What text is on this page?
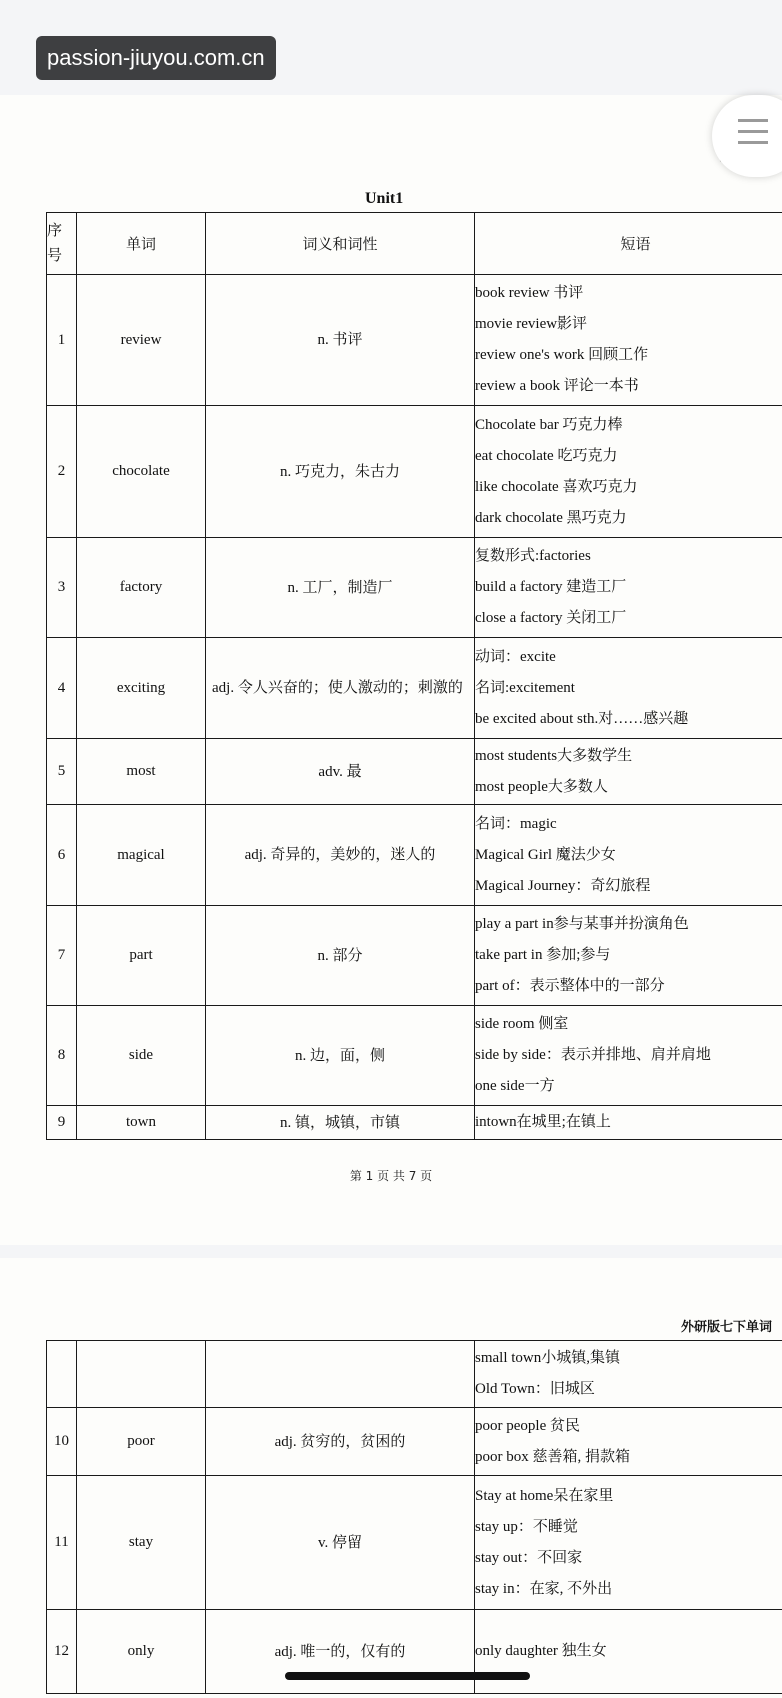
passion-jiuyou.com.cn
Unit1
第 1 页 共 7 页
序号	单词	词义和词性	短语
1	review	n. 书评	book review 书评
movie review影评
review one's work 回顾工作
review a book 评论一本书

2	chocolate	n. 巧克力，朱古力	Chocolate bar 巧克力棒
eat chocolate 吃巧克力
like chocolate 喜欢巧克力
dark chocolate 黑巧克力

3	factory	n. 工厂，制造厂	复数形式:factories
build a factory 建造工厂
close a factory 关闭工厂

4	exciting	adj. 令人兴奋的；使人激动的；刺激的	动词：excite
名词:excitement
be excited about sth.对……感兴趣

5	most	adv. 最	most students大多数学生
most people大多数人

6	magical	adj. 奇异的，美妙的，迷人的	名词：magic
Magical Girl 魔法少女
Magical Journey：奇幻旅程

7	part	n. 部分	play a part in参与某事并扮演角色
take part in 参加;参与
part of：表示整体中的一部分

8	side	n. 边，面，侧	side room 侧室
side by side：表示并排地、肩并肩地
one side一方

9	town	n. 镇，城镇，市镇	intown在城里;在镇上
外研版七下单词

			small town小城镇,集镇
Old Town：旧城区

10	poor	adj. 贫穷的，贫困的	poor people 贫民
poor box 慈善箱, 捐款箱

11	stay	v. 停留	Stay at home呆在家里
stay up：不睡觉
stay out：不回家
stay in：在家, 不外出

12	only	adj. 唯一的，仅有的	only daughter 独生女
